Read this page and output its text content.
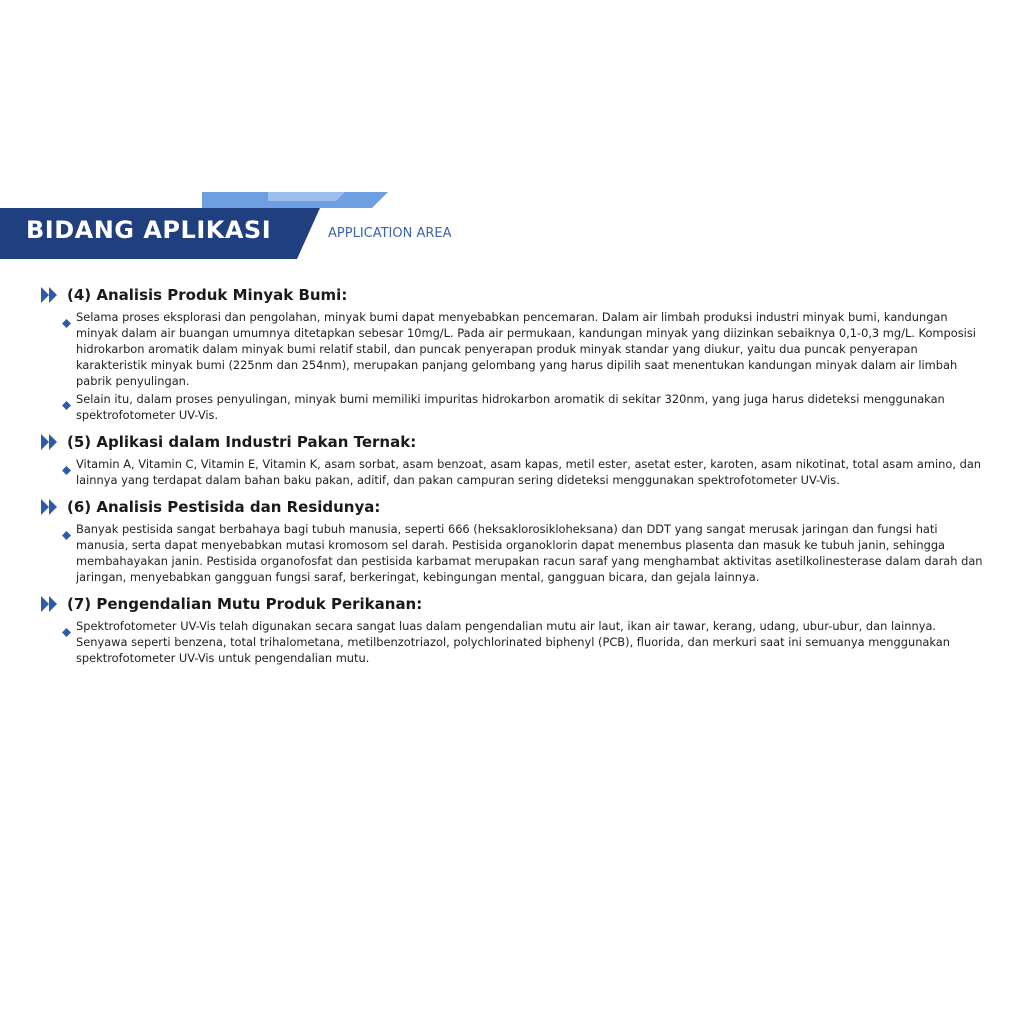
BIDANG APLIKASI	APPLICATION AREA
(4) Analisis Produk Minyak Bumi:
Selama proses eksplorasi dan pengolahan, minyak bumi dapat menyebabkan pencemaran. Dalam air limbah produksi industri minyak bumi, kandungan minyak dalam air buangan umumnya ditetapkan sebesar 10mg/L. Pada air permukaan, kandungan minyak yang diizinkan sebaiknya 0,1-0,3 mg/L. Komposisi hidrokarbon aromatik dalam minyak bumi relatif stabil, dan puncak penyerapan produk minyak standar yang diukur, yaitu dua puncak penyerapan karakteristik minyak bumi (225nm dan 254nm), merupakan panjang gelombang yang harus dipilih saat menentukan kandungan minyak dalam air limbah pabrik penyulingan.
Selain itu, dalam proses penyulingan, minyak bumi memiliki impuritas hidrokarbon aromatik di sekitar 320nm, yang juga harus dideteksi menggunakan spektrofotometer UV-Vis.
(5) Aplikasi dalam Industri Pakan Ternak:
Vitamin A, Vitamin C, Vitamin E, Vitamin K, asam sorbat, asam benzoat, asam kapas, metil ester, asetat ester, karoten, asam nikotinat, total asam amino, dan lainnya yang terdapat dalam bahan baku pakan, aditif, dan pakan campuran sering dideteksi menggunakan spektrofotometer UV-Vis.
(6) Analisis Pestisida dan Residunya:
Banyak pestisida sangat berbahaya bagi tubuh manusia, seperti 666 (heksaklorosikloheksana) dan DDT yang sangat merusak jaringan dan fungsi hati manusia, serta dapat menyebabkan mutasi kromosom sel darah. Pestisida organoklorin dapat menembus plasenta dan masuk ke tubuh janin, sehingga membahayakan janin. Pestisida organofosfat dan pestisida karbamat merupakan racun saraf yang menghambat aktivitas asetilkolinesterase dalam darah dan jaringan, menyebabkan gangguan fungsi saraf, berkeringat, kebingungan mental, gangguan bicara, dan gejala lainnya.
(7) Pengendalian Mutu Produk Perikanan:
Spektrofotometer UV-Vis telah digunakan secara sangat luas dalam pengendalian mutu air laut, ikan air tawar, kerang, udang, ubur-ubur, dan lainnya. Senyawa seperti benzena, total trihalometana, metilbenzotriazol, polychlorinated biphenyl (PCB), fluorida, dan merkuri saat ini semuanya menggunakan spektrofotometer UV-Vis untuk pengendalian mutu.
